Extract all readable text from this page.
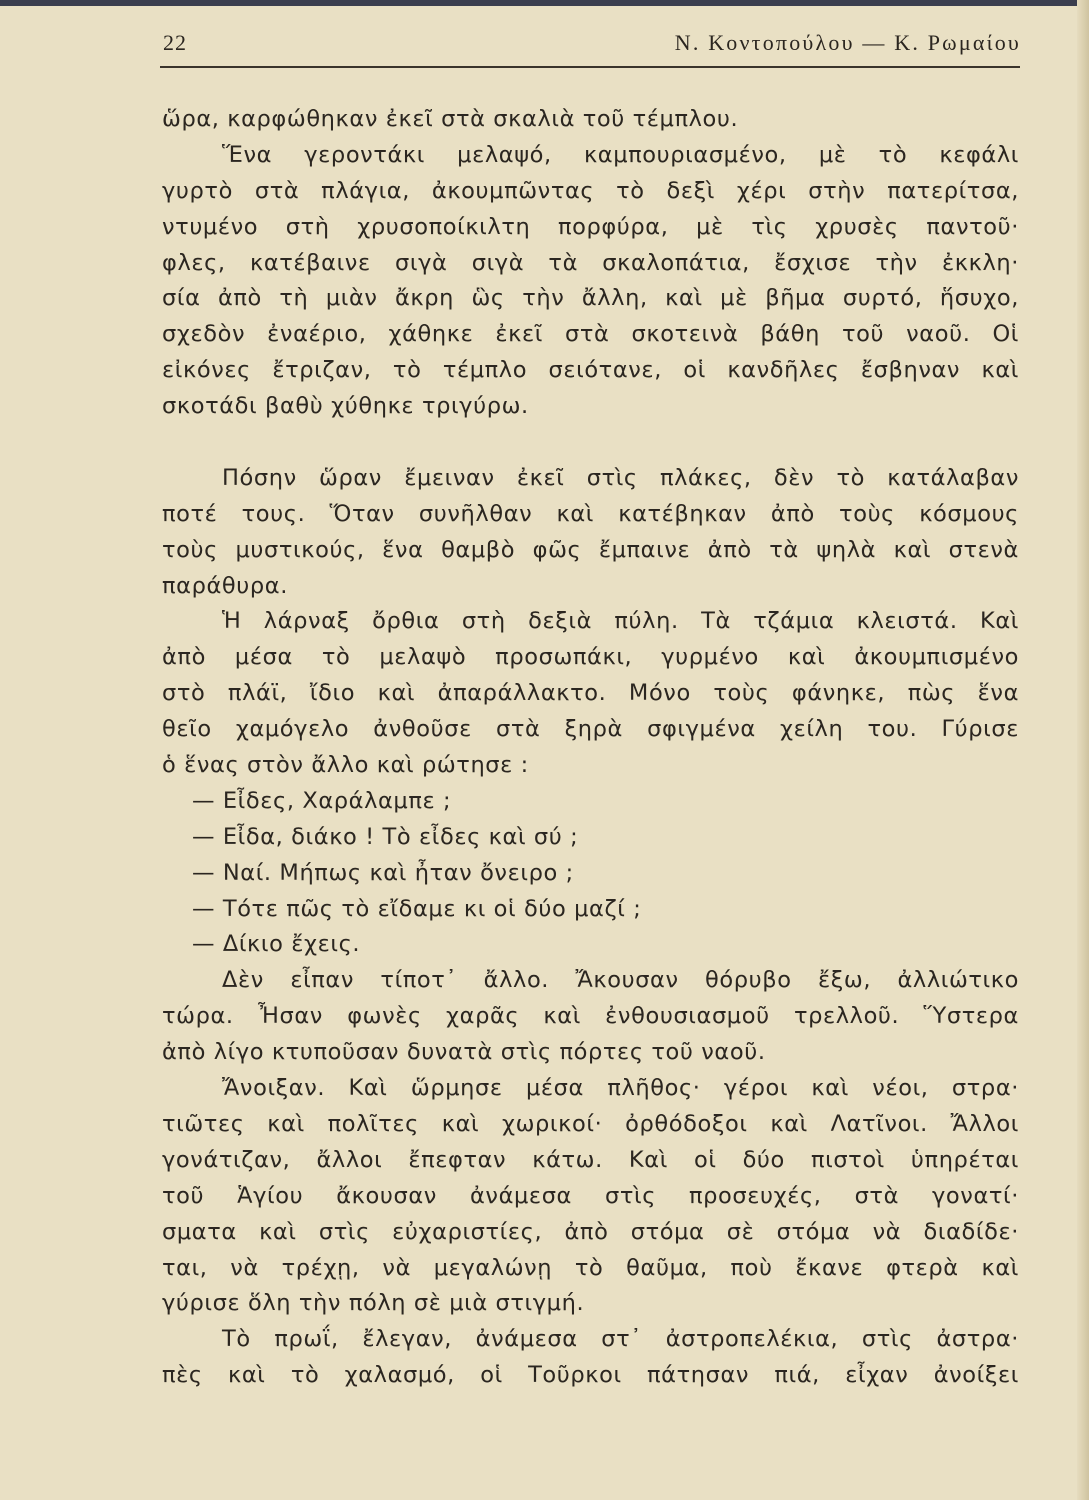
22	Ν. Κοντοπούλου — Κ. Ρωμαίου
ὥρα, καρφώθηκαν ἐκεῖ στὰ σκαλιὰ τοῦ τέμπλου.
Ἕνα γεροντάκι μελαψό, καμπουριασμένο, μὲ τὸ κεφάλι
γυρτὸ στὰ πλάγια, ἀκουμπῶντας τὸ δεξὶ χέρι στὴν πατερίτσα,
ντυμένο στὴ χρυσοποίκιλτη πορφύρα, μὲ τὶς χρυσὲς παντοῦ·
φλες, κατέβαινε σιγὰ σιγὰ τὰ σκαλοπάτια, ἔσχισε τὴν ἐκκλη·
σία ἀπὸ τὴ μιὰν ἄκρη ὣς τὴν ἄλλη, καὶ μὲ βῆμα συρτό, ἥσυχο,
σχεδὸν ἐναέριο, χάθηκε ἐκεῖ στὰ σκοτεινὰ βάθη τοῦ ναοῦ. Οἱ
εἰκόνες ἔτριζαν, τὸ τέμπλο σειότανε, οἱ κανδῆλες ἔσβηναν καὶ
σκοτάδι βαθὺ χύθηκε τριγύρω.
Πόσην ὥραν ἔμειναν ἐκεῖ στὶς πλάκες, δὲν τὸ κατάλαβαν
ποτέ τους. Ὅταν συνῆλθαν καὶ κατέβηκαν ἀπὸ τοὺς κόσμους
τοὺς μυστικούς, ἕνα θαμβὸ φῶς ἔμπαινε ἀπὸ τὰ ψηλὰ καὶ στενὰ
παράθυρα.
Ἡ λάρναξ ὄρθια στὴ δεξιὰ πύλη. Τὰ τζάμια κλειστά. Καὶ
ἀπὸ μέσα τὸ μελαψὸ προσωπάκι, γυρμένο καὶ ἀκουμπισμένο
στὸ πλάϊ, ἴδιο καὶ ἀπαράλλακτο. Μόνο τοὺς φάνηκε, πὼς ἕνα
θεῖο χαμόγελο ἀνθοῦσε στὰ ξηρὰ σφιγμένα χείλη του. Γύρισε
ὁ ἕνας στὸν ἄλλο καὶ ρώτησε :
— Εἶδες, Χαράλαμπε ;
— Εἶδα, διάκο ! Τὸ εἶδες καὶ σύ ;
— Ναί. Μήπως καὶ ἦταν ὄνειρο ;
— Τότε πῶς τὸ εἴδαμε κι οἱ δύο μαζί ;
— Δίκιο ἔχεις.
Δὲν εἶπαν τίποτ᾽ ἄλλο. Ἄκουσαν θόρυβο ἔξω, ἀλλιώτικο
τώρα. Ἦσαν φωνὲς χαρᾶς καὶ ἐνθουσιασμοῦ τρελλοῦ. Ὕστερα
ἀπὸ λίγο κτυποῦσαν δυνατὰ στὶς πόρτες τοῦ ναοῦ.
Ἄνοιξαν. Καὶ ὥρμησε μέσα πλῆθος· γέροι καὶ νέοι, στρα·
τιῶτες καὶ πολῖτες καὶ χωρικοί· ὀρθόδοξοι καὶ Λατῖνοι. Ἄλλοι
γονάτιζαν, ἄλλοι ἔπεφταν κάτω. Καὶ οἱ δύο πιστοὶ ὑπηρέται
τοῦ Ἁγίου ἄκουσαν ἀνάμεσα στὶς προσευχές, στὰ γονατί·
σματα καὶ στὶς εὐχαριστίες, ἀπὸ στόμα σὲ στόμα νὰ διαδίδε·
ται, νὰ τρέχῃ, νὰ μεγαλώνῃ τὸ θαῦμα, ποὺ ἔκανε φτερὰ καὶ
γύρισε ὅλη τὴν πόλη σὲ μιὰ στιγμή.
Τὸ πρωΐ, ἔλεγαν, ἀνάμεσα στ᾽ ἀστροπελέκια, στὶς ἀστρα·
πὲς καὶ τὸ χαλασμό, οἱ Τοῦρκοι πάτησαν πιά, εἶχαν ἀνοίξει
